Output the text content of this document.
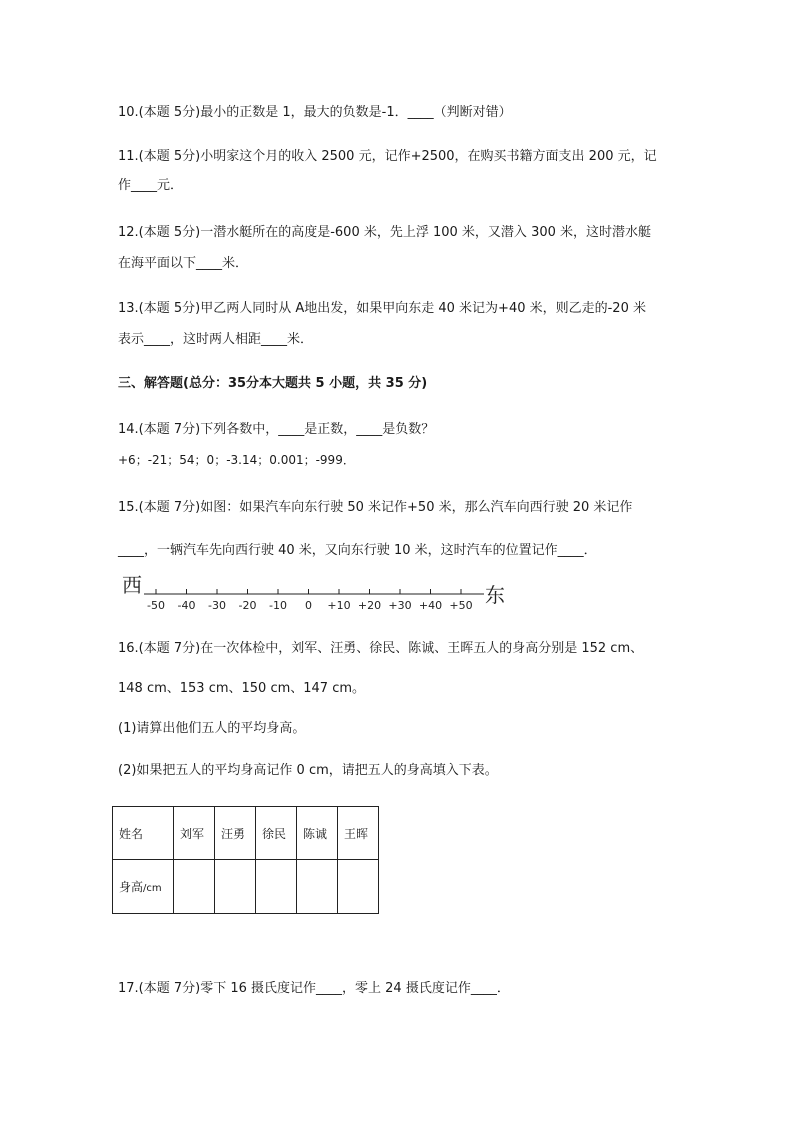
10.(本题 5分)最小的正数是 1，最大的负数是-1．____（判断对错）
11.(本题 5分)小明家这个月的收入 2500 元，记作+2500，在购买书籍方面支出 200 元，记
作____元．
12.(本题 5分)一潜水艇所在的高度是-600 米，先上浮 100 米，又潜入 300 米，这时潜水艇
在海平面以下____米．
13.(本题 5分)甲乙两人同时从 A地出发，如果甲向东走 40 米记为+40 米，则乙走的-20 米
表示____，这时两人相距____米．
三、解答题(总分：35分本大题共 5 小题，共 35 分)
14.(本题 7分)下列各数中，____是正数，____是负数？
+6；-21；54；0；-3.14；0.001；-999．
15.(本题 7分)如图：如果汽车向东行驶 50 米记作+50 米，那么汽车向西行驶 20 米记作
____，一辆汽车先向西行驶 40 米，又向东行驶 10 米，这时汽车的位置记作____．
西	东
-50 -40 -30 -20 -10 0 +10 +20 +30 +40 +50
16.(本题 7分)在一次体检中，刘军、汪勇、徐民、陈诚、王晖五人的身高分别是 152 cm、
148 cm、153 cm、150 cm、147 cm。
(1)请算出他们五人的平均身高。
(2)如果把五人的平均身高记作 0 cm，请把五人的身高填入下表。
姓名	刘军	汪勇	徐民	陈诚	王晖
身高/cm					
17.(本题 7分)零下 16 摄氏度记作____，零上 24 摄氏度记作____．
